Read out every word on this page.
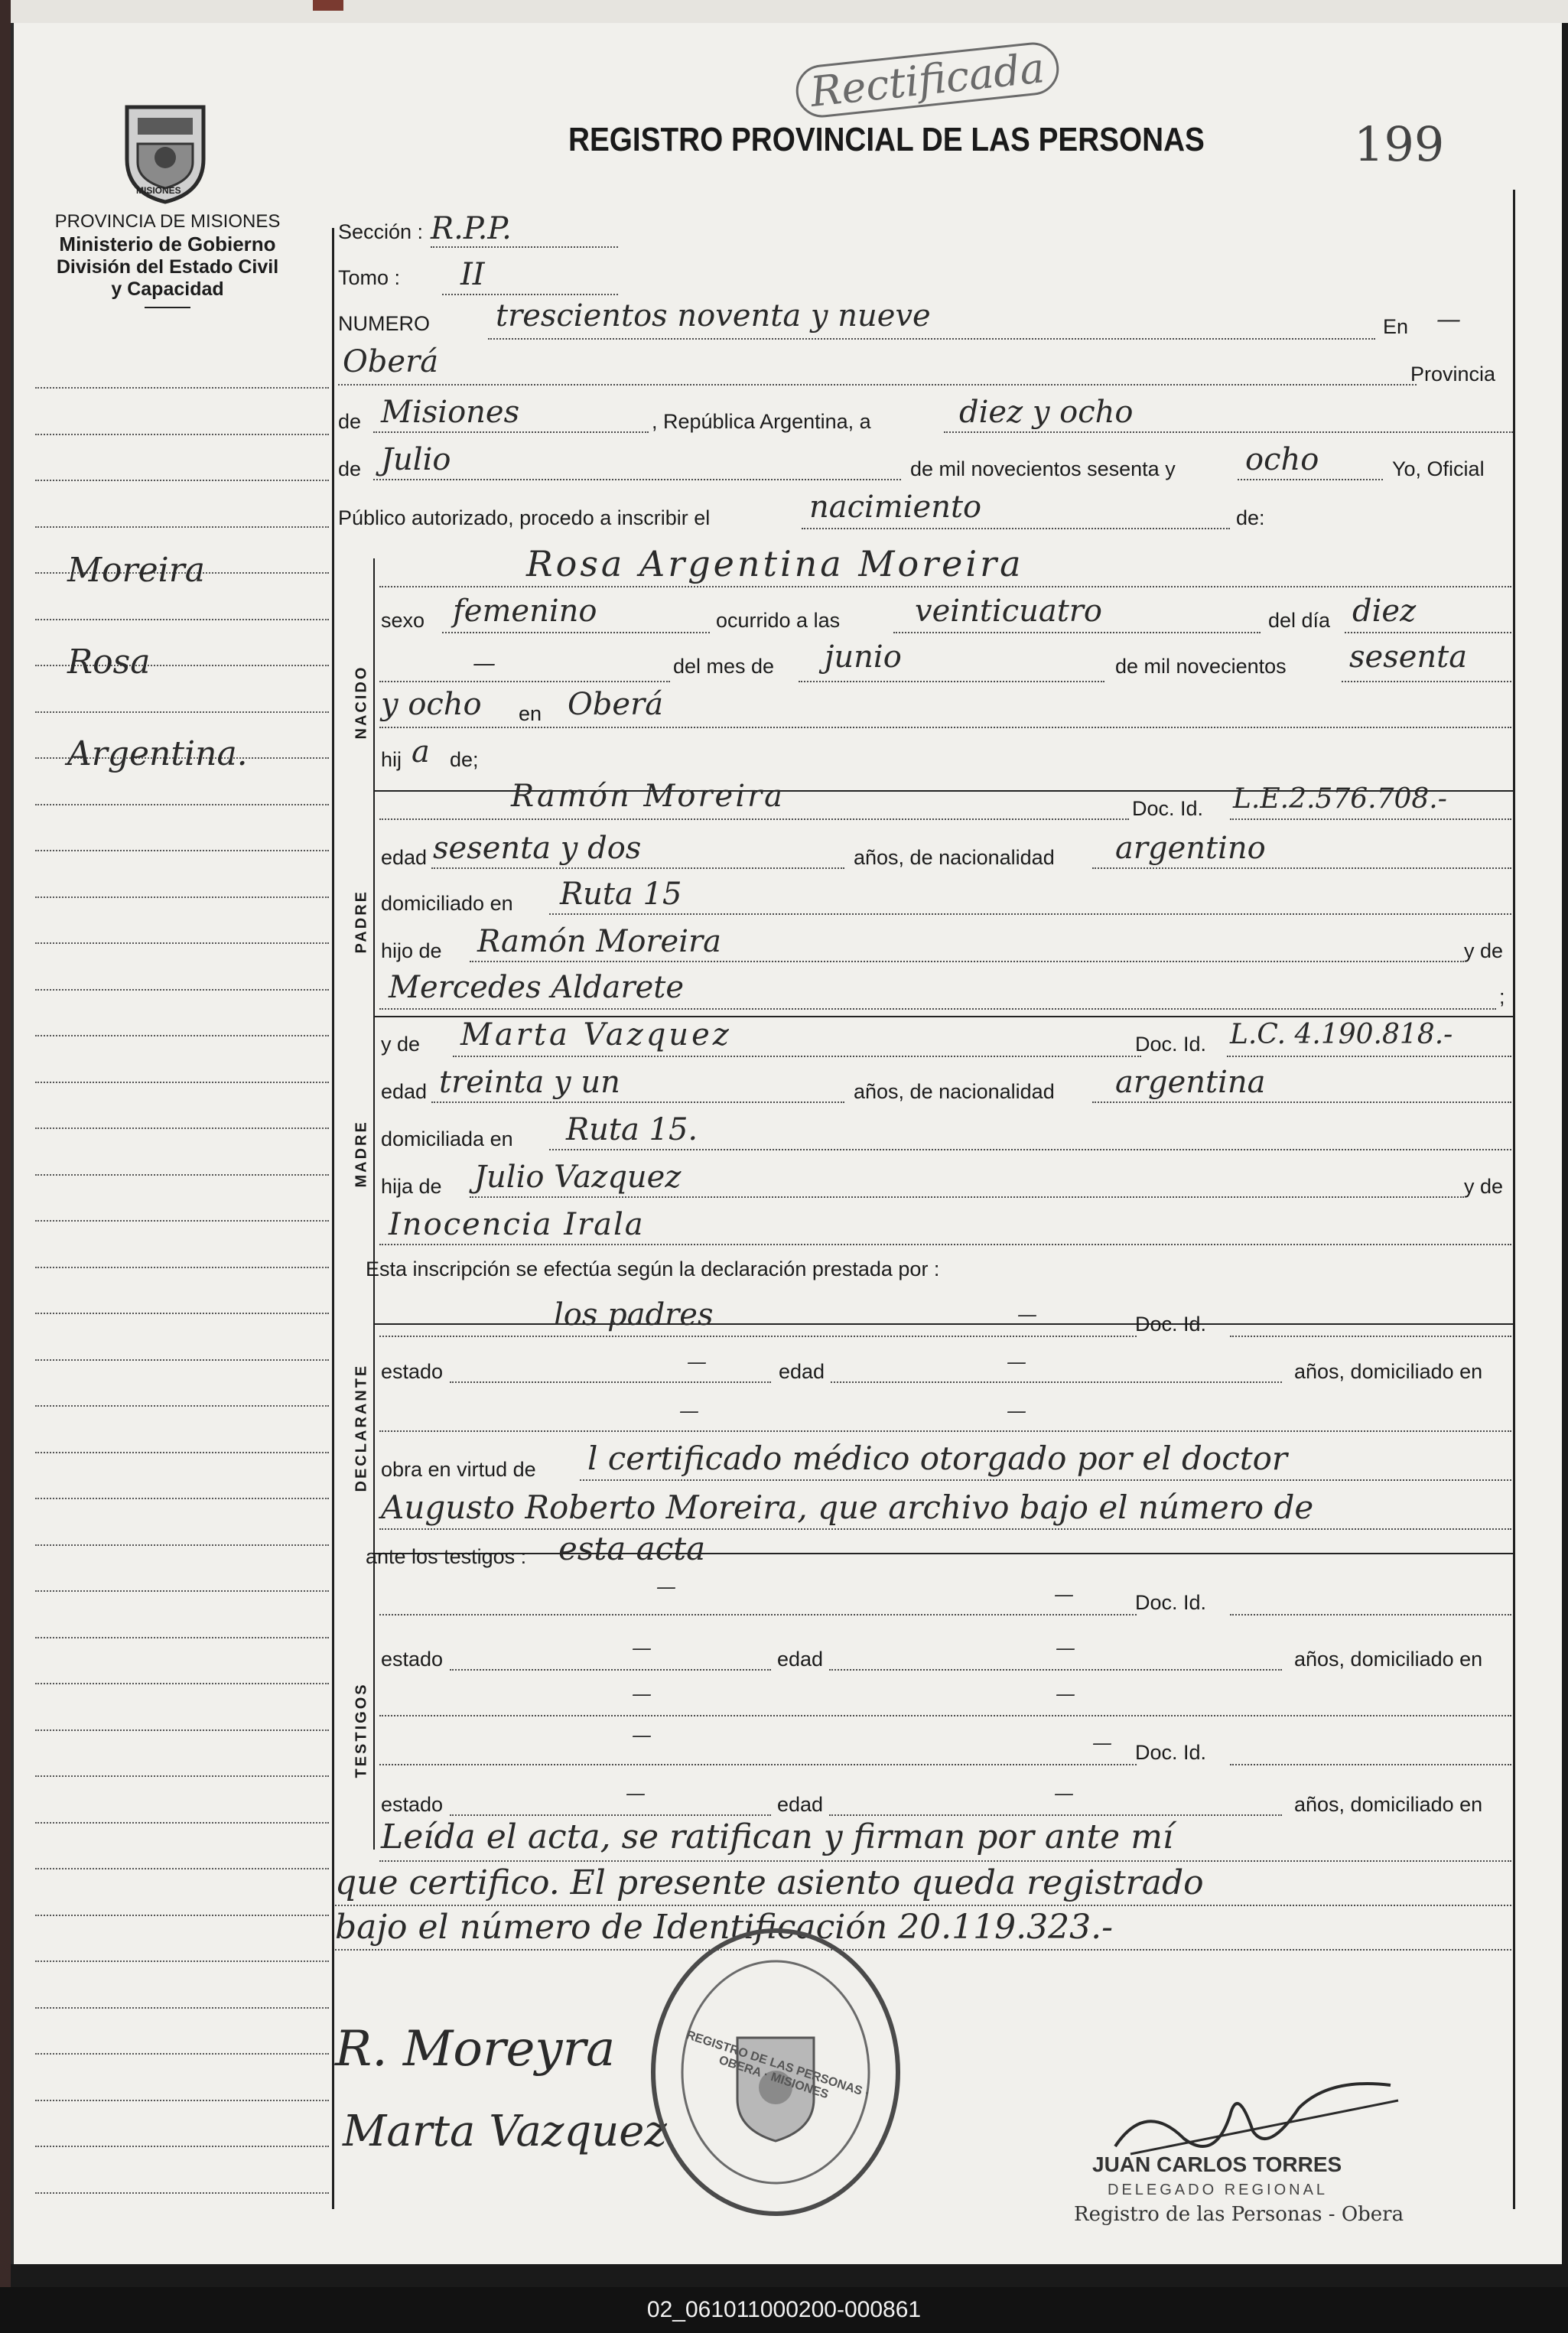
Rectificada
MISIONES
PROVINCIA DE MISIONES
Ministerio de Gobierno
División del Estado Civil
y Capacidad
Moreira
Rosa
Argentina.
REGISTRO PROVINCIAL DE LAS PERSONAS	199
NACIDO
PADRE
MADRE
DECLARANTE
TESTIGOS
Sección : R.P.P.
Tomo : II
NUMERO trescientos noventa y nueve	En —
Oberá	Provincia
de Misiones	, República Argentina, a	diez y ocho
de Julio	de mil novecientos sesenta y ocho	Yo, Oficial
Público autorizado, procedo a inscribir el	nacimiento	de:
Rosa Argentina Moreira
sexo femenino	ocurrido a las veinticuatro	del día diez
—	del mes de junio	de mil novecientos sesenta
y ocho en Oberá
hij a de;
Ramón Moreira	Doc. Id. L.E.2.576.708.-
edad sesenta y dos	años, de nacionalidad argentino
domiciliado en Ruta 15
hijo de Ramón Moreira	y de
Mercedes Aldarete	;
y de Marta Vazquez	Doc. Id. L.C. 4.190.818.-
edad treinta y un	años, de nacionalidad argentina
domiciliada en Ruta 15.
hija de Julio Vazquez	y de
Inocencia Irala
Esta inscripción se efectúa según la declaración prestada por :
los padres	—	Doc. Id.
estado	—	edad	—	años, domiciliado en
—	—
obra en virtud de l certificado médico otorgado por el doctor
Augusto Roberto Moreira, que archivo bajo el número de
ante los testigos : esta acta
—	—	Doc. Id.
estado	—	edad	—	años, domiciliado en
—	—
—	— Doc. Id.
estado	—	edad	—	años, domiciliado en
Leída el acta, se ratifican y firman por ante mí
que certifico. El presente asiento queda registrado
bajo el número de Identificación 20.119.323.-
R. Moreyra
Marta Vazquez
REGISTRO DE LAS PERSONAS · OBERA · MISIONES
JUAN CARLOS TORRES
DELEGADO REGIONAL
Registro de las Personas - Obera
02_061011000200-000861
